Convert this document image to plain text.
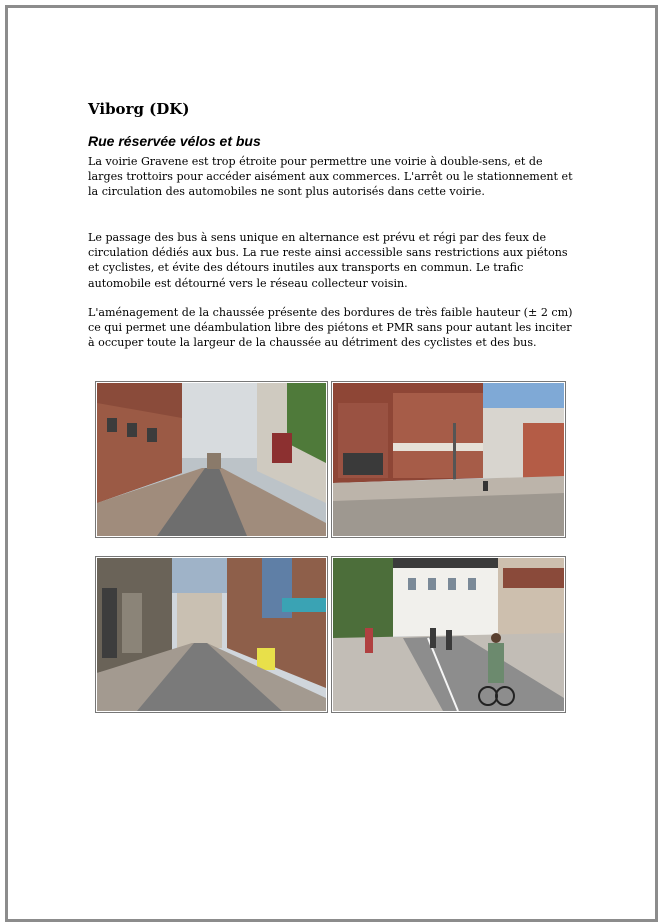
Viborg (DK)
Rue réservée vélos et bus

La voirie Gravene est trop étroite pour permettre une voirie à double-sens, et de larges trottoirs pour accéder aisément aux commerces. L'arrêt ou le stationnement et la circulation des automobiles ne sont plus autorisés dans cette voirie.

Le passage des bus à sens unique en alternance est prévu et régi par des feux de circulation dédiés aux bus. La rue reste ainsi accessible sans restrictions aux piétons et cyclistes, et évite des détours inutiles aux transports en commun. Le trafic automobile est détourné vers le réseau collecteur voisin.

L'aménagement de la chaussée présente des bordures de très faible hauteur (± 2 cm) ce qui permet une déambulation libre des piétons et PMR sans pour autant les inciter à occuper toute la largeur de la chaussée au détriment des cyclistes et des bus.
